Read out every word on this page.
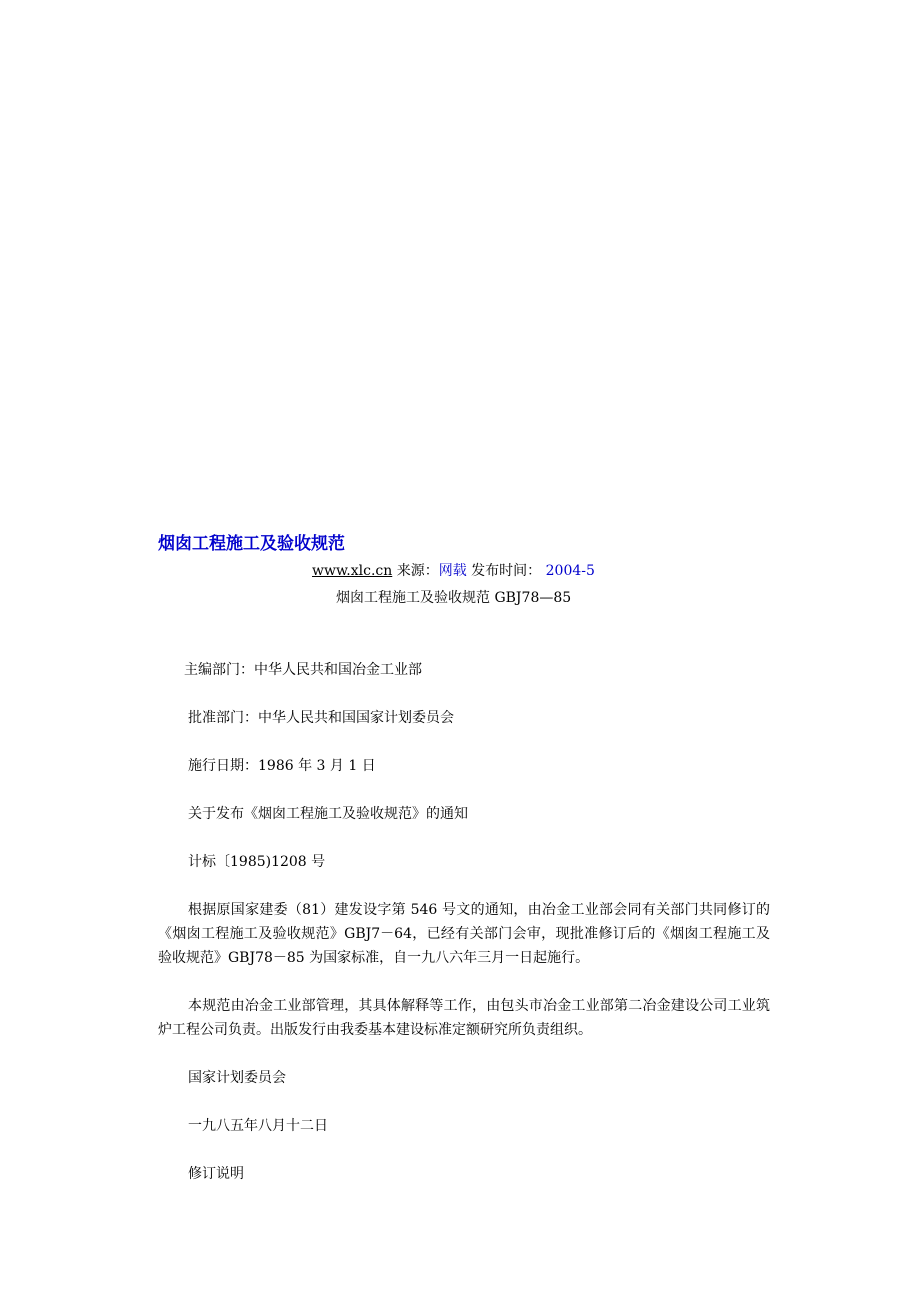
烟囱工程施工及验收规范
www.xlc.cn 来源：网载 发布时间： 2004-5
烟囱工程施工及验收规范 GBJ78—85
主编部门：中华人民共和国冶金工业部
批准部门：中华人民共和国国家计划委员会
施行日期：1986 年 3 月 1 日
关于发布《烟囱工程施工及验收规范》的通知
计标〔1985)1208 号
根据原国家建委（81）建发设字第 546 号文的通知，由冶金工业部会同有关部门共同修订的《烟囱工程施工及验收规范》GBJ7－64，已经有关部门会审，现批准修订后的《烟囱工程施工及验收规范》GBJ78－85 为国家标准，自一九八六年三月一日起施行。
本规范由冶金工业部管理，其具体解释等工作，由包头市冶金工业部第二冶金建设公司工业筑炉工程公司负责。出版发行由我委基本建设标准定额研究所负责组织。
国家计划委员会
一九八五年八月十二日
修订说明
